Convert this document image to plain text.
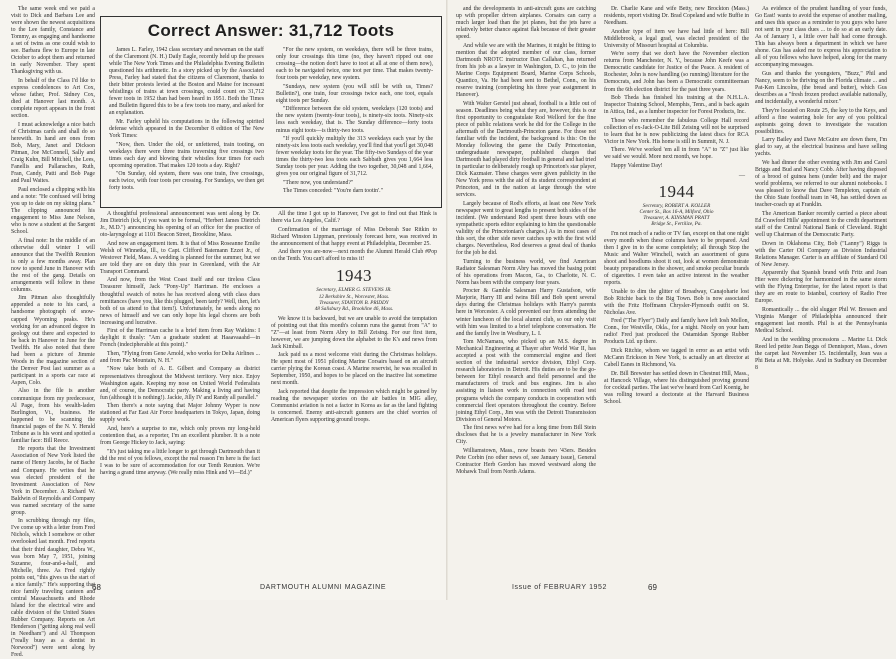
The same week end we paid a visit to Dick and Barbara Lee and were shown the newest acquisitions to the Lee family, Constance and Tommy, as engaging and handsome a set of twins as one could wish to see. Barbara flew to Europe in late October to adopt them and returned in early November. They spent Thanksgiving with us.

In behalf of the Class I'd like to express condolences to Art Cox, whose father, Prof. Sidney Cox, died at Hanover last month. A complete report appears in the front section.

I must acknowledge a nice batch of Christmas cards and shall do so herewith. In hand are ones from Bob, Mary, Janet and Dickson Pitman, Joe McConnell, Sally and Craig Kuhn, Bill Mitchell, the Lees, Fanellis and Pallansches, Ruth, Fran, Candy, Patti and Bob Page and Paul Waites.

Paul enclosed a clipping with his and a note: "He confused will bring you up to date on my skiing plans." The clipping announced his engagement to Miss Jane Nelson, who is now a student at the Sargent School.

A final note: In the middle of an otherwise dull winter I will announce that the Twelfth Reunion is only a few months away. Plan now to spend June in Hanover with the rest of the gang. Details on arrangements will follow in these columns.

Jim Pitman also thoughtfully appended a note to his card, a handsome photograph of snow-capped Wyoming peaks. He's working for an advanced degree in geology out there and expected to be back in Hanover in June for the Twelfth. He also noted that there had been a picture of Jimmie Woods in the magazine section of the Denver Post last summer as a participant in a sports car race at Aspen, Colo.

Also in the file is another communique from my predecessor, Al Page, from his wealth-laden Burlington, Vt., business. He happened to be scanning the financial pages of the N. Y. Herald Tribune as is his wont and spotted a familiar face: Bill Reece.

He reports that the Investment Association of New York listed the name of Henry Jacobs, he of Bache and Company. He writes that he was elected president of the Investment Association of New York in December. A Richard W. Baldwin of Reynolds and Company was named secretary of the same group.

In scrubbing through my files, I've come up with a letter from Fred Nichols, which I somehow or other overlooked last month. Fred reports that their third daughter, Debra W., was born May 7, 1951, joining Suzanne, four-and-a-half, and Michelle, three. As Fred rightly points out, "this gives us the start of a nice family." He's supporting that nice family traveling canteen and central Massachusetts and Rhode Island for the electrical wire and cable division of the United States Rubber Company. Reports on Art Henderson ("getting along real well in Needham") and Al Thompson ("really busy as a dentist in Norwood") were sent along by Fred.

Correct Answer: 31,712 Toots

James L. Farley, 1942 class secretary and newsman on the staff of the Claremont (N. H.) Daily Eagle, recently held up the presses while The New York Times and the Philadelphia Evening Bulletin questioned his arithmetic. In a story picked up by the Associated Press, Farley had stated that the citizens of Claremont, thanks to their bitter protests levied at the Boston and Maine for incessant whistlings of trains at town crossings, could count on 31,712 fewer toots in 1952 than had been heard in 1951. Both the Times and Bulletin figured this to be a few toots too many, and asked for an explanation.

Mr. Farley upheld his computations in the following spirited defense which appeared in the December 8 edition of The New York Times:

"Now, then. Under the old, or unfettered, train tooting, on weekdays there were three trains traversing five crossings two times each day and blowing their whistles four times for each upcoming operation. That makes 120 toots a day. Right?

"On Sunday, old system, there was one train, five crossings, each twice, with four toots per crossing. For Sundays, we then get forty toots.

"For the new system, on weekdays, there will be three trains, only four crossings this time (no, they haven't ripped out one crossing—the notion don't have to toot at all at one of them now), each to be navigated twice, one toot per time. That makes twenty-four toots per weekday, new system.

"Sundays, new system (you will still be with us, Times? Bulletin?), one train, four crossings twice each, one toot, equals eight toots per Sunday.

"Difference between the old system, weekdays (120 toots) and the new system (twenty-four toots), is ninety-six toots. Ninety-six less each weekday, that is. The Sunday difference—forty toots minus eight toots—is thirty-two toots.

"If you'll quickly multiply the 313 weekdays each year by the ninety-six less toots each weekday, you'll find that you'll get 30,048 fewer weekday toots for the year. The fifty-two Sundays of the year times the thirty-two less toots each Sabbath gives you 1,664 less Sunday toots per year. Adding the two together, 30,048 and 1,664, gives you our original figure of 31,712.

"There now, you understand?"

The Times conceded: "You're darn tootin'."

A thoughtful professional announcement was sent along by Dr. Jim Dietrich (ick, if you want to be formal, "Herbert James Dietrich Jr., M.D.") announcing his opening of an office for the practice of oto-laryngology at 1101 Beacon Street, Brookline, Mass.

And now an engagement item. It is that of Miss Roseanne Emilie Welsh of Winnetka, Ill., to Capt. Clifford Batemann Ezzet Jr., of Westover Field, Mass. A wedding is planned for the summer, but we are told they are on duty this year in Greenland, with the Air Transport Command.

And now, from the West Coast itself and our tireless Class Treasurer himself, Jack "Pony-Up" Harriman. He encloses a thoughtful swatch of notes he has received along with class dues remittances (have you, like this plugged, been tardy? Well, then, let's both of us attend to that item!). Unfortunately, he sends along no news of himself and we can only hope his legal chores are both increasing and lucrative.

First of the Harriman cache is a brief item from Ray Watkins: I daylight it thusly: "Am a graduate student at Haaavaaahd—in French (indecipherable at this point)."

Then, "Flying from Gene Arnold, who works for Delta Airlines ... and from Pac Mountain, N. H."

"Now take both of A. E. Gilbert and Company as district representatives throughout the Midwest territory. Very nice. Enjoy Washington again. Keeping my nose on United World Federalists and, of course, the Democratic party. Making a living and having fun (although it is nothing!). Jackie, Jilly IV and Randy all parallel."

Then there's a note saying that Major Johnny Wyper is now stationed at Far East Air Force headquarters in Tokyo, Japan, doing supply work.

And, here's a surprise to me, which only proves my long-held contention that, as a reporter, I'm an excellent plumber. It is a note from George Hickey to Jack, saying:

"It's just taking me a little longer to get through Dartmouth than it did the rest of you fellows, except the real reason I'm here is the fact I was to be sure of accommodation for our Tenth Reunion. We're having a grand time anyway. (We really miss Hink and Vi—Ed.)"

All the time I got up to Hanover, I've got to find out that Hink is there via Los Angeles, Calif.?

Confirmation of the marriage of Miss Deborah Sue Ritkin to Richard Winston Lippman, previously forecast here, was received in the announcement of that happy event at Philadelphia, December 25.

And there you are-now—next month the Alumni Herald Club #Pop on the Tenth. You can't afford to miss it!

1943
Secretary, ELMER G. STEVENS JR.
12 Berkshire St., Worcester, Mass.
Treasurer, STANTON B. PRIDDY
48 Salisbury Rd., Brookline 46, Mass.

We know it is backward, but we are unable to avoid the temptation of pointing out that this month's column runs the gamut from "A" to "Z"—at least from Norm Abry to Bill Zeising. For our first item, however, we are jumping down the alphabet to the K's and news from Jack Kimball.

Jack paid us a most welcome visit during the Christmas holidays. He spent most of 1951 piloting Marine Corsairs based on an aircraft carrier plying the Korean coast. A Marine reservist, he was recalled in September, 1950, and hopes to be placed on the inactive list sometime next month.

Jack reported that despite the impression which might be gained by reading the newspaper stories on the air battles in MIG alley, Communist aviation is not a factor in Korea as far as the land fighting is concerned. Enemy anti-aircraft gunners are the chief worries of American flyers supporting ground troops.

68	DARTMOUTH ALUMNI MAGAZINE

and the developments in anti-aircraft guns are catching up with propeller driven airplanes. Corsairs can carry a much larger load than the jet planes, but the jets have a relatively better chance against flak because of their greater speed.

And while we are with the Marines, it might be fitting to mention that the adopted member of our class, former Dartmouth NROTC instructor Dan Callahan, has returned from his job as a lawyer in Washington, D. C., to join the Marine Corps Equipment Board, Marine Corps Schools, Quantico, Va. He had been sent to Bethel, Conn., on his reserve training (completing his three year assignment in Hanover).

With Walter Gerstel just ahead, football is a little out of season. Deadlines being what they are, however, this is our first opportunity to congratulate Rod Wellord for the fine piece of public relations work he did for the College in the aftermath of the Dartmouth-Princeton game. For those not familiar with the incident, the background is this: On the Monday following the game the Daily Princetonian, undergraduate newspaper, published charges that Dartmouth had played dirty football in general and had tried in particular to deliberately rough up Princeton's star player, Dick Kazmaier. These charges were given publicity in the New York press with the aid of its student correspondent at Princeton, and in the nation at large through the wire services.

Largely because of Rod's efforts, at least one New York newspaper went to great lengths to present both sides of the incident. (We understand Rod spent three hours with one sympathetic sports editor explaining to him the questionable validity of the Princetonian's charges.) As in most cases of this sort, the other side never catches up with the first wild charges. Nevertheless, Rod deserves a great deal of thanks for the job he did.

Turning to the business world, we find American Radiator Salesman Norm Abry has moved the basing point of his operations from Macon, Ga., to Charlotte, N. C. Norm has been with the company four years.

Procter & Gamble Salesman Harry Gustafson, wife Marjorie, Harry III and twins Bill and Bob spent several days during the Christmas holidays with Harry's parents here in Worcester. A cold prevented our from attending the winter luncheon of the local alumni club, so our only visit with him was limited to a brief telephone conversation. He and the family live in Westbury, L. I.

Tom McNamara, who picked up an M.S. degree in Mechanical Engineering at Thayer after World War II, has accepted a post with the commercial engine and fleet section of the industrial service division, Ethyl Corp. research laboratories in Detroit. His duties are to be the go-between for Ethyl research and field personnel and the manufacturers of truck and bus engines. Jim is also assisting in liaison work in connection with road test programs which the company conducts in cooperation with commercial fleet operators throughout the country. Before joining Ethyl Corp., Jim was with the Detroit Transmission Division of General Motors.

The first news we've had for a long time from Bill Stein discloses that he is a jewelry manufacturer in New York City.

Williamstown, Mass., now boasts two '43ers. Besides Pete Corbin (no other news of, see January issue), General Contractor Herb Gordon has moved westward along the Mohawk Trail from North Adams.

Dr. Charlie Kane and wife Betty, new Brockton (Mass.) residents, report visiting Dr. Brad Copeland and wife Buffie in Needham.

Another type of item we have had little of here: Bill Middlebrook, a legal grad, was elected president of the University of Missouri hospital at Columbia.

We're sorry that we don't have the November election returns from Manchester, N. Y., because John Keefe was a Democratic candidate for Justice of the Peace. A resident of Rochester, John is now handling (so running) literature for the Democrats, and John has been a Democratic committeeman from the 6th election district for the past three years.

Bob Theda has finished his training at the N.H.L.A. Inspector Training School, Memphis, Tenn., and is back again in Attica, Ind., as a lumber inspector for Forest Products, Inc.

Those who remember the fabulous College Hall record collection of ex-Jack-O-Lite Bill Zeising will not be surprised to learn that he is now publicizing the latest discs for RCA Victor in New York. His home is still in Summit, N. J.

There. We've worked 'em all in from "A" to "Z" just like we said we would. More next month, we hope.

Happy Valentine Day!

—
1944
Secretary, ROBERT A. KOLLER
Center St., Box 16-A, Milford, Ohio
Treasurer, A. KINSMAN PRATT
Bridge St., Fertilize, Pa.

I'm not much of a radio or TV fan, except on that one night every month when these columns have to be prepared. And then I give in to the scene completely; all through Stop the Music and Walter Winchell, watch an assortment of guns shoot and hoodlums shoot it out, look at women demonstrate beauty preparations in the shower, and smoke peculiar brands of cigarettes. I even take an active interest in the weather reports.

Unable to dim the glitter of Broadway, Canajoharie lost Bob Ritchie back to the Big Town. Bob is now associated with the Fritz Hoffmann Chrysler-Plymouth outfit on St. Nicholas Ave.

Fred ("The Flyer") Daily and family have left Iosh Mellon, Conn., for Westville, Okla., for a night. Nicely on your ham radio! Fred just produced the Ostamidan Sponge Rubber Products Ltd. up there.

Dick Ritchie, whom we tagged in error as an artist with McCann Erickson in New York, is actually an art director at Cabell Eanes in Richmond, Va.

Dr. Bill Brewster has settled down in Chestnut Hill, Mass., at Hancock Village, where his distinguished proving ground for cocktail parties. The last we've heard from Carl Koenig, he was rolling toward a doctorate at the Harvard Business School.

As evidence of the prudent handling of your funds, Go East! wants to avoid the expense of another mailing, and uses this space as a reminder to you guys who have not sent in your class dues ... to do so at an early date. As of January 1, a little over half had come through. This has always been a department in which we have shone. Gus has asked me to express his appreciation to all of you fellows who have helped, along for the many accompanying messages.

Gus and thanks the youngsters, "Buzz," Phil and Nancy, seem to be thriving on the Florida climate ... and Pat-Ken Lincolns, (the bread and butter), which Gus describes as a "fresh frozen product available nationally, and incidentally, a wonderful mixer."

They're located on Route 25, the key to the Keys, and afford a fine watering hole for any of you political aspirants going down to investigate the vacation possibilities.

Larry Bailey and Dave McGuire are down there, I'm glad to say, at the electrical business and have selling yachts.

We had dinner the other evening with Jim and Carol Briggs and Bud and Nancy Cobb. After having disposed of a brood of guinea hens (under belt) and the major world problems, we referred to our alumni notebooks. I was pleased to know that Dave Templeton, captain of the Ohio State football team in '48, has settled down as teacher-coach up at Franklin.

The American Banker recently carried a piece about Ed Crawford Hills' appointment to the credit department staff of the Central National Bank of Cleveland. Right well up Chairman of the Democratic Party.

Down in Oklahoma City, Bob ("Lanny") Riggs is with the Carter Oil Company as Division Industrial Relations Manager. Carter is an affiliate of Standard Oil of New Jersey.

Apparently that Spanish brand with Fritz and Joan Hier were dickering for harmonized in the same storm with the Flying Enterprise, for the latest report is that they are en route to Istanbul, courtesy of Radio Free Europe.

Romantically ... the old slugger Phil W. Bressen and Virginia Manger of Philadelphia announced their engagement last month. Phil is at the Pennsylvania Medical School.

And in the wedding processions ... Marine Lt. Dick Reed led petite Jean Beggs of Dennisport, Mass., down the carpet last November 15. Incidentally, Jean was a Phi Beta at Mt. Holyoke. And in Sudbury on December 8

Issue of FEBRUARY 1952	69
